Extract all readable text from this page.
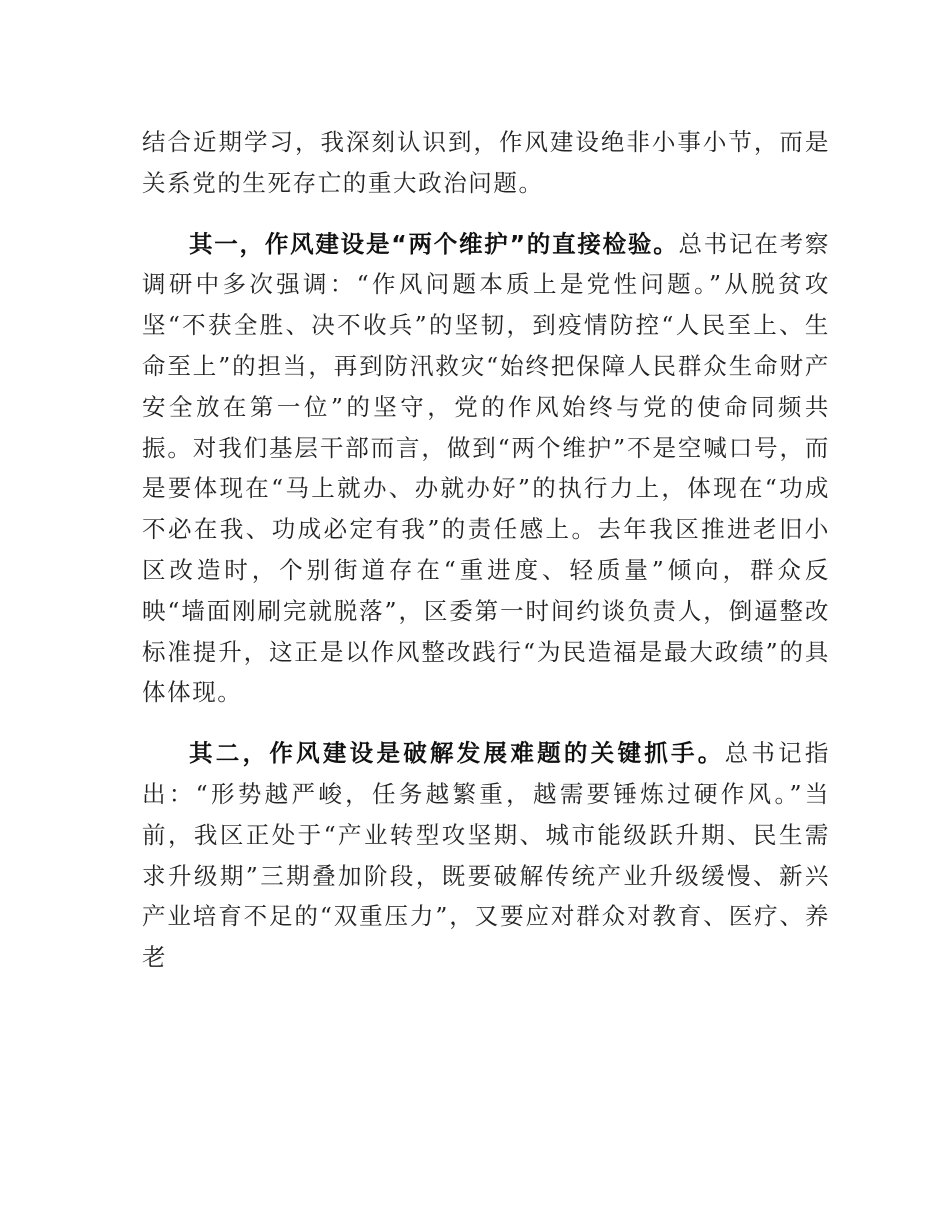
结合近期学习，我深刻认识到，作风建设绝非小事小节，而是关系党的生死存亡的重大政治问题。

其一，作风建设是“两个维护”的直接检验。总书记在考察调研中多次强调：“作风问题本质上是党性问题。”从脱贫攻坚“不获全胜、决不收兵”的坚韧，到疫情防控“人民至上、生命至上”的担当，再到防汛救灾“始终把保障人民群众生命财产安全放在第一位”的坚守，党的作风始终与党的使命同频共振。对我们基层干部而言，做到“两个维护”不是空喊口号，而是要体现在“马上就办、办就办好”的执行力上，体现在“功成不必在我、功成必定有我”的责任感上。去年我区推进老旧小区改造时，个别街道存在“重进度、轻质量”倾向，群众反映“墙面刚刷完就脱落”，区委第一时间约谈负责人，倒逼整改标准提升，这正是以作风整改践行“为民造福是最大政绩”的具体体现。

其二，作风建设是破解发展难题的关键抓手。总书记指出：“形势越严峻，任务越繁重，越需要锤炼过硬作风。”当前，我区正处于“产业转型攻坚期、城市能级跃升期、民生需求升级期”三期叠加阶段，既要破解传统产业升级缓慢、新兴产业培育不足的“双重压力”，又要应对群众对教育、医疗、养老
